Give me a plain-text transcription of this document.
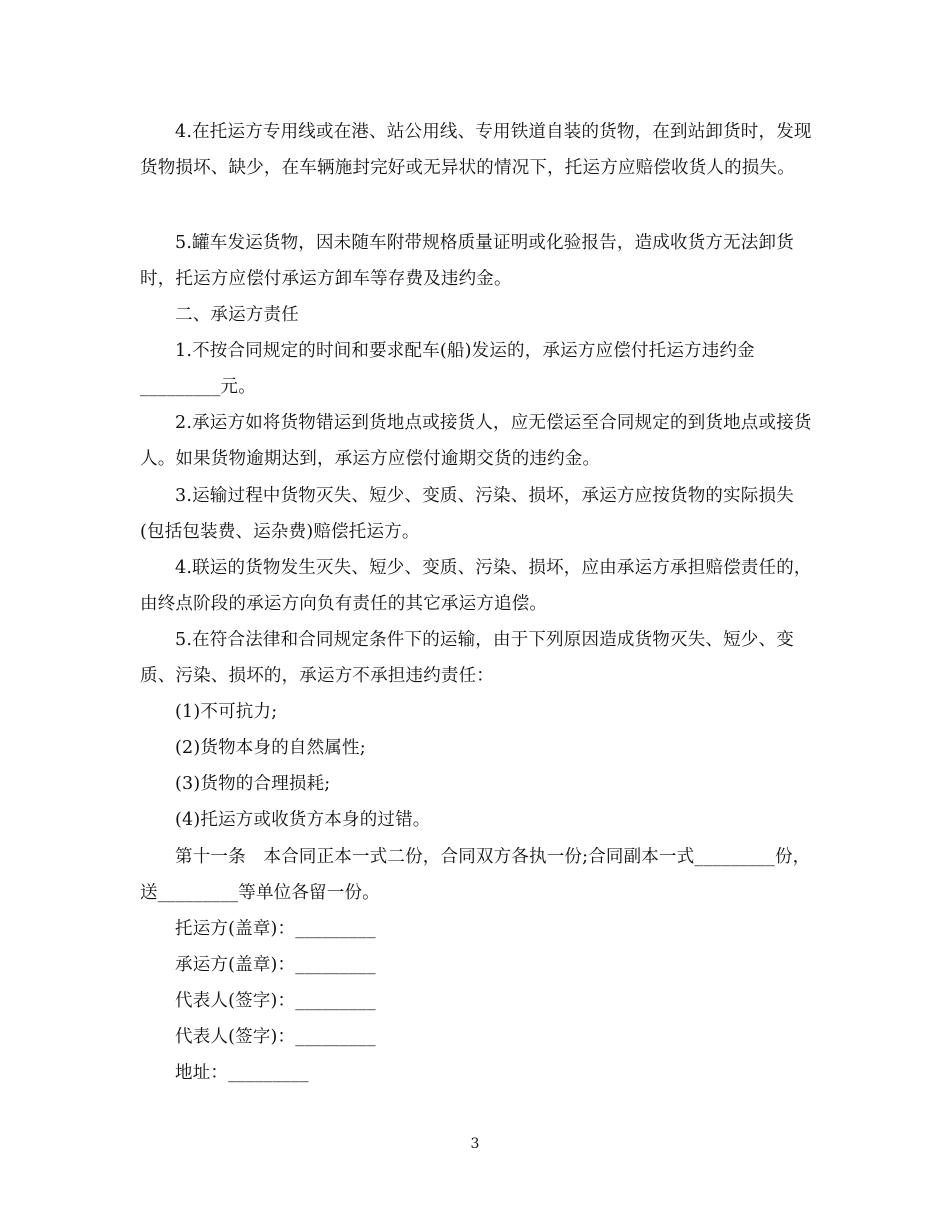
4.在托运方专用线或在港、站公用线、专用铁道自装的货物，在到站卸货时，发现货物损坏、缺少，在车辆施封完好或无异状的情况下，托运方应赔偿收货人的损失。
5.罐车发运货物，因未随车附带规格质量证明或化验报告，造成收货方无法卸货时，托运方应偿付承运方卸车等存费及违约金。
二、承运方责任
1.不按合同规定的时间和要求配车(船)发运的，承运方应偿付托运方违约金_________元。
2.承运方如将货物错运到货地点或接货人，应无偿运至合同规定的到货地点或接货人。如果货物逾期达到，承运方应偿付逾期交货的违约金。
3.运输过程中货物灭失、短少、变质、污染、损坏，承运方应按货物的实际损失(包括包装费、运杂费)赔偿托运方。
4.联运的货物发生灭失、短少、变质、污染、损坏，应由承运方承担赔偿责任的，由终点阶段的承运方向负有责任的其它承运方追偿。
5.在符合法律和合同规定条件下的运输，由于下列原因造成货物灭失、短少、变质、污染、损坏的，承运方不承担违约责任：
(1)不可抗力;
(2)货物本身的自然属性;
(3)货物的合理损耗;
(4)托运方或收货方本身的过错。
第十一条　本合同正本一式二份，合同双方各执一份;合同副本一式_________份，送_________等单位各留一份。
托运方(盖章)：_________
承运方(盖章)：_________
代表人(签字)：_________
代表人(签字)：_________
地址：_________
3
